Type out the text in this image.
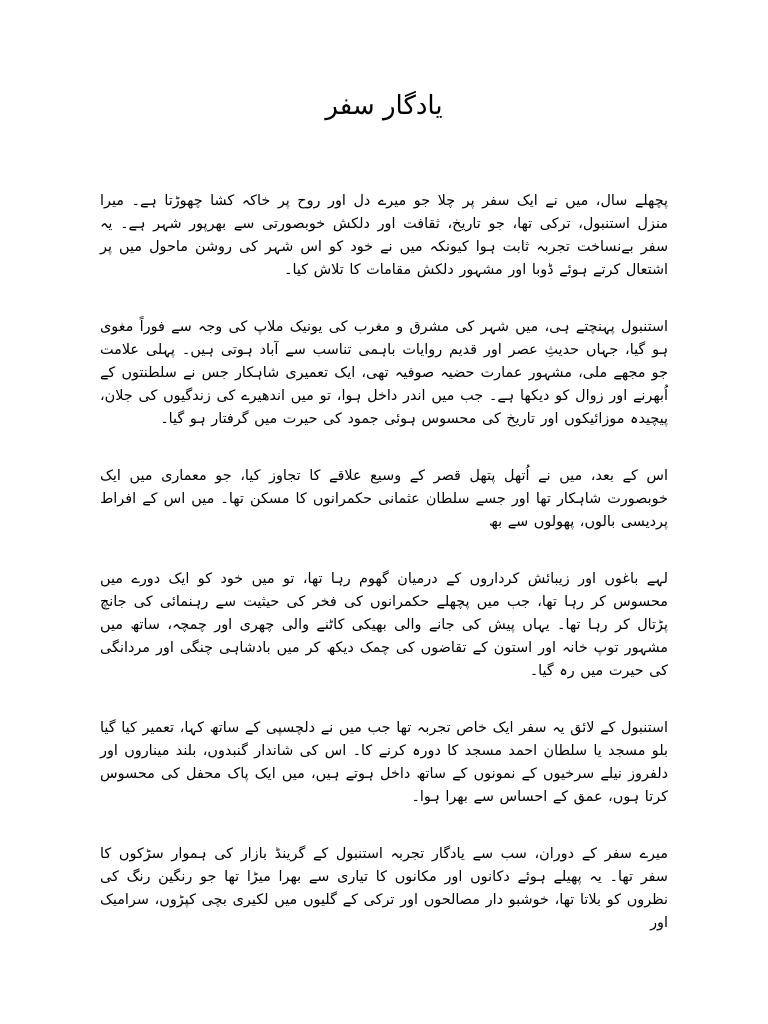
یادگار سفر

پچھلے سال، میں نے ایک سفر پر چلا جو میرے دل اور روح پر خاکہ کشا چھوڑتا ہے۔ میرا منزل استنبول، ترکی تھا، جو تاریخ، ثقافت اور دلکش خوبصورتی سے بھرپور شہر ہے۔ یہ سفر بےنساخت تجربہ ثابت ہوا کیونکہ میں نے خود کو اس شہر کی روشن ماحول میں پر اشتعال کرتے ہوئے ڈوبا اور مشہور دلکش مقامات کا تلاش کیا۔

استنبول پہنچتے ہی، میں شہر کی مشرق و مغرب کی یونیک ملاپ کی وجہ سے فوراً مغوی ہو گیا، جہاں حدیثِ عصر اور قدیم روایات باہمی تناسب سے آباد ہوتی ہیں۔ پہلی علامت جو مجھے ملی، مشہور عمارت حضیہ صوفیہ تھی، ایک تعمیری شاہکار جس نے سلطنتوں کے اُبھرنے اور زوال کو دیکھا ہے۔ جب میں اندر داخل ہوا، تو میں اندھیرے کی زندگیوں کی جلان، پیچیدہ موزائیکوں اور تاریخ کی محسوس ہوئی جمود کی حیرت میں گرفتار ہو گیا۔

اس کے بعد، میں نے اُتھل پتھل قصر کے وسیع علاقے کا تجاوز کیا، جو معماری میں ایک خوبصورت شاہکار تھا اور جسے سلطان عثمانی حکمرانوں کا مسکن تھا۔ میں اس کے افراط پردیسی بالوں، پھولوں سے بھ

لہے باغوں اور زیبائش کرداروں کے درمیان گھوم رہا تھا، تو میں خود کو ایک دورے میں محسوس کر رہا تھا، جب میں پچھلے حکمرانوں کی فخر کی حیثیت سے رہنمائی کی جانچ پڑتال کر رہا تھا۔ یہاں پیش کی جانے والی بھیکی کاٹنے والی چھری اور چمچہ، ساتھ میں مشہور توپ خانہ اور استون کے تقاضوں کی چمک دیکھ کر میں بادشاہی چنگی اور مردانگی کی حیرت میں رہ گیا۔

استنبول کے لائق یہ سفر ایک خاص تجربہ تھا جب میں نے دلچسپی کے ساتھ کہا، تعمیر کیا گیا بلو مسجد یا سلطان احمد مسجد کا دورہ کرنے کا۔ اس کی شاندار گنبدوں، بلند میناروں اور دلفروز نیلے سرخیوں کے نمونوں کے ساتھ داخل ہوتے ہیں، میں ایک پاک محفل کی محسوس کرتا ہوں، عمق کے احساس سے بھرا ہوا۔

میرے سفر کے دوران، سب سے یادگار تجربہ استنبول کے گرینڈ بازار کی ہموار سڑکوں کا سفر تھا۔ یہ پھیلے ہوئے دکانوں اور مکانوں کا تیاری سے بھرا میڑا تھا جو رنگین رنگ کی نظروں کو بلاتا تھا، خوشبو دار مصالحوں اور ترکی کے گلیوں میں لکیری بچی کپڑوں، سرامیک اور
